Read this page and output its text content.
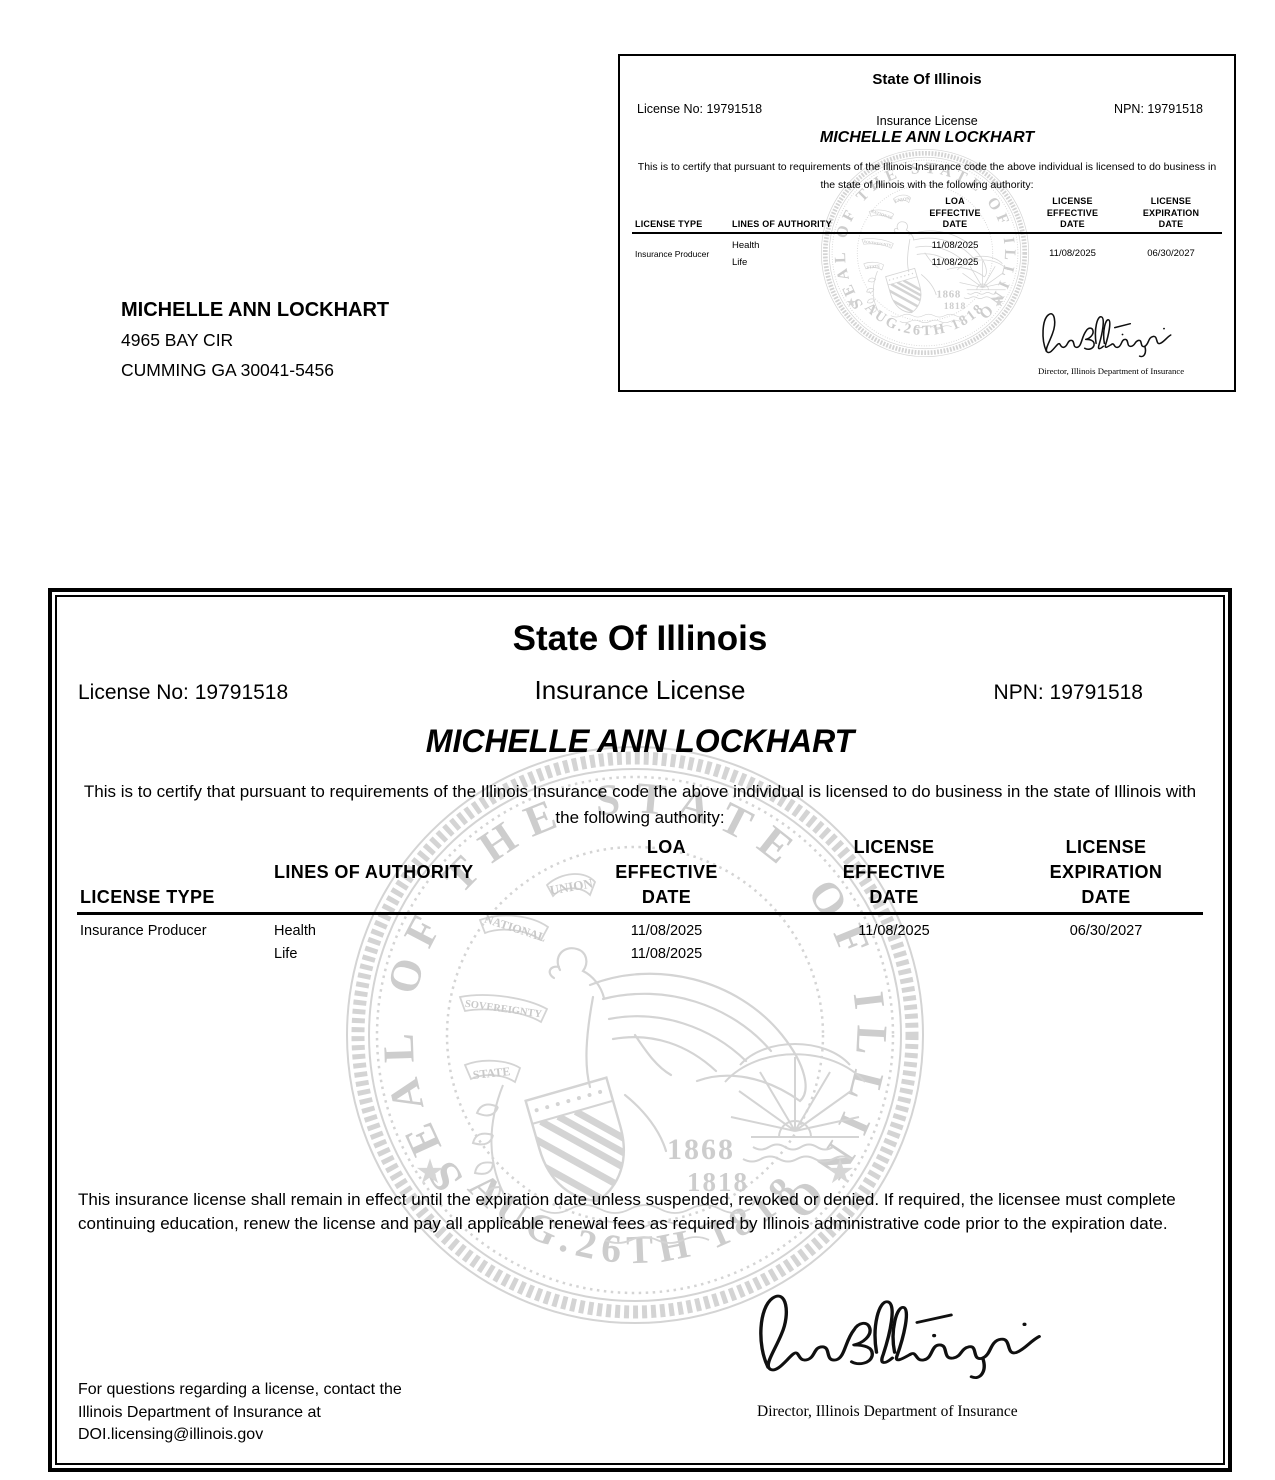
State Of Illinois
License No: 19791518
Insurance License
NPN: 19791518
MICHELLE ANN LOCKHART
This is to certify that pursuant to requirements of the Illinois Insurance code the above individual is licensed to do business in the state of Illinois with the following authority:
LICENSE TYPE	LINES OF AUTHORITY
LOA
EFFECTIVE
DATE
LICENSE
EFFECTIVE
DATE
LICENSE
EXPIRATION
DATE
Insurance Producer
Health
Life
11/08/2025
11/08/2025
11/08/2025	06/30/2027
Director, Illinois Department of Insurance
MICHELLE ANN LOCKHART
4965 BAY CIR
CUMMING GA 30041-5456
State Of Illinois
License No: 19791518	Insurance License	NPN: 19791518
MICHELLE ANN LOCKHART
This is to certify that pursuant to requirements of the Illinois Insurance code the above individual is licensed to do business in the state of Illinois with the following authority:
LICENSE TYPE
LINES OF AUTHORITY
LOA
EFFECTIVE
DATE
LICENSE
EFFECTIVE
DATE
LICENSE
EXPIRATION
DATE
Insurance Producer	Health
Life
11/08/2025
11/08/2025
11/08/2025	06/30/2027
This insurance license shall remain in effect until the expiration date unless suspended, revoked or denied. If required, the licensee must complete continuing education, renew the license and pay all applicable renewal fees as required by Illinois administrative code prior to the expiration date.
For questions regarding a license, contact the
Illinois Department of Insurance at
DOI.licensing@illinois.gov
Director, Illinois Department of Insurance
